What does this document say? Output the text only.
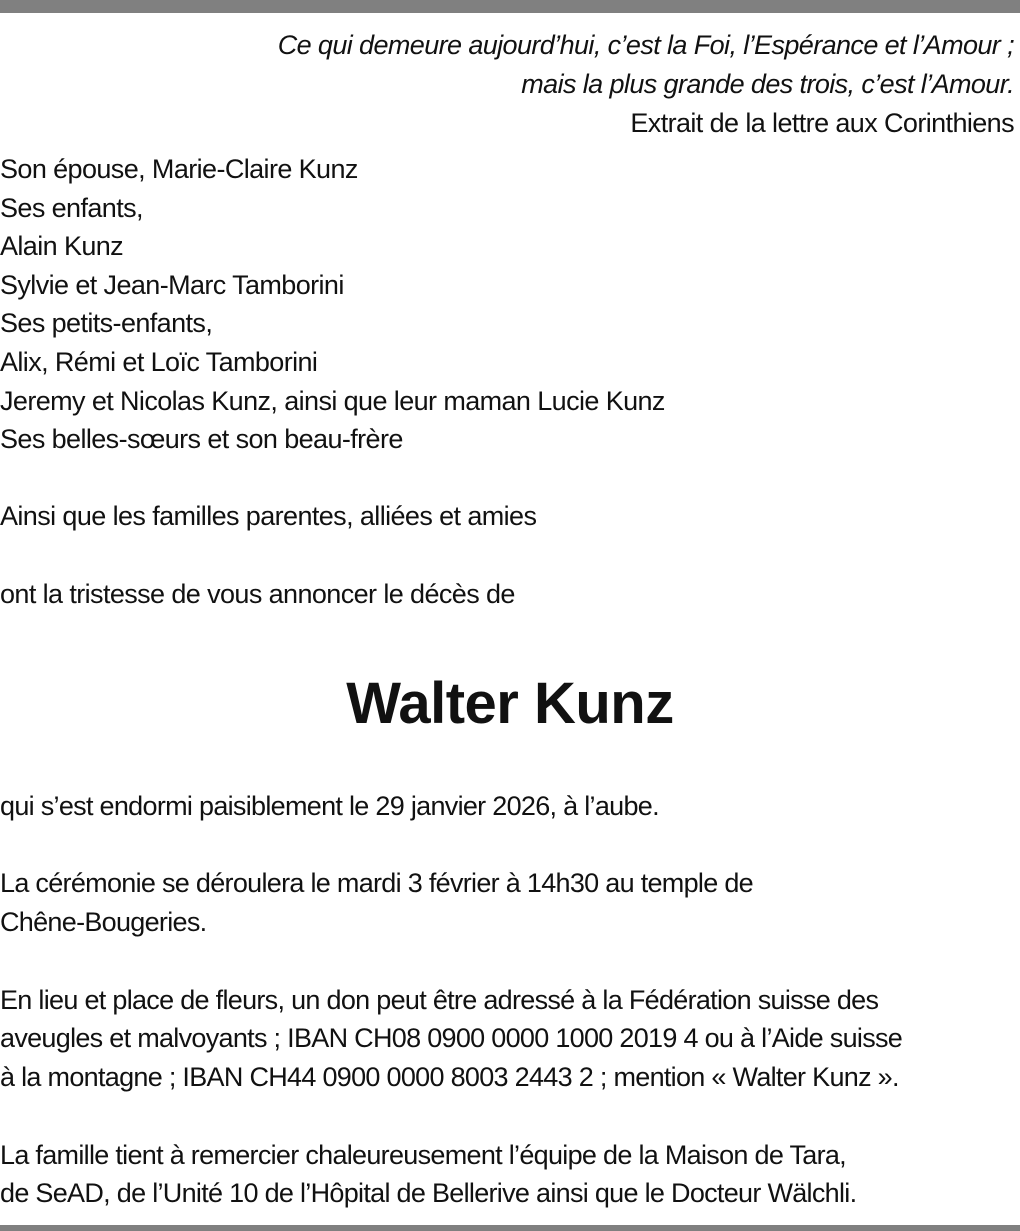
Ce qui demeure aujourd’hui, c’est la Foi, l’Espérance et l’Amour ;
mais la plus grande des trois, c’est l’Amour.
Extrait de la lettre aux Corinthiens
Son épouse, Marie-Claire Kunz
Ses enfants,
Alain Kunz
Sylvie et Jean-Marc Tamborini
Ses petits-enfants,
Alix, Rémi et Loïc Tamborini
Jeremy et Nicolas Kunz, ainsi que leur maman Lucie Kunz
Ses belles-sœurs et son beau-frère
Ainsi que les familles parentes, alliées et amies
ont la tristesse de vous annoncer le décès de
Walter Kunz
qui s’est endormi paisiblement le 29 janvier 2026, à l’aube.
La cérémonie se déroulera le mardi 3 février à 14h30 au temple de
Chêne-Bougeries.
En lieu et place de fleurs, un don peut être adressé à la Fédération suisse des
aveugles et malvoyants ; IBAN CH08 0900 0000 1000 2019 4 ou à l’Aide suisse
à la montagne ; IBAN CH44 0900 0000 8003 2443 2 ; mention « Walter Kunz ».
La famille tient à remercier chaleureusement l’équipe de la Maison de Tara,
de SeAD, de l’Unité 10 de l’Hôpital de Bellerive ainsi que le Docteur Wälchli.
